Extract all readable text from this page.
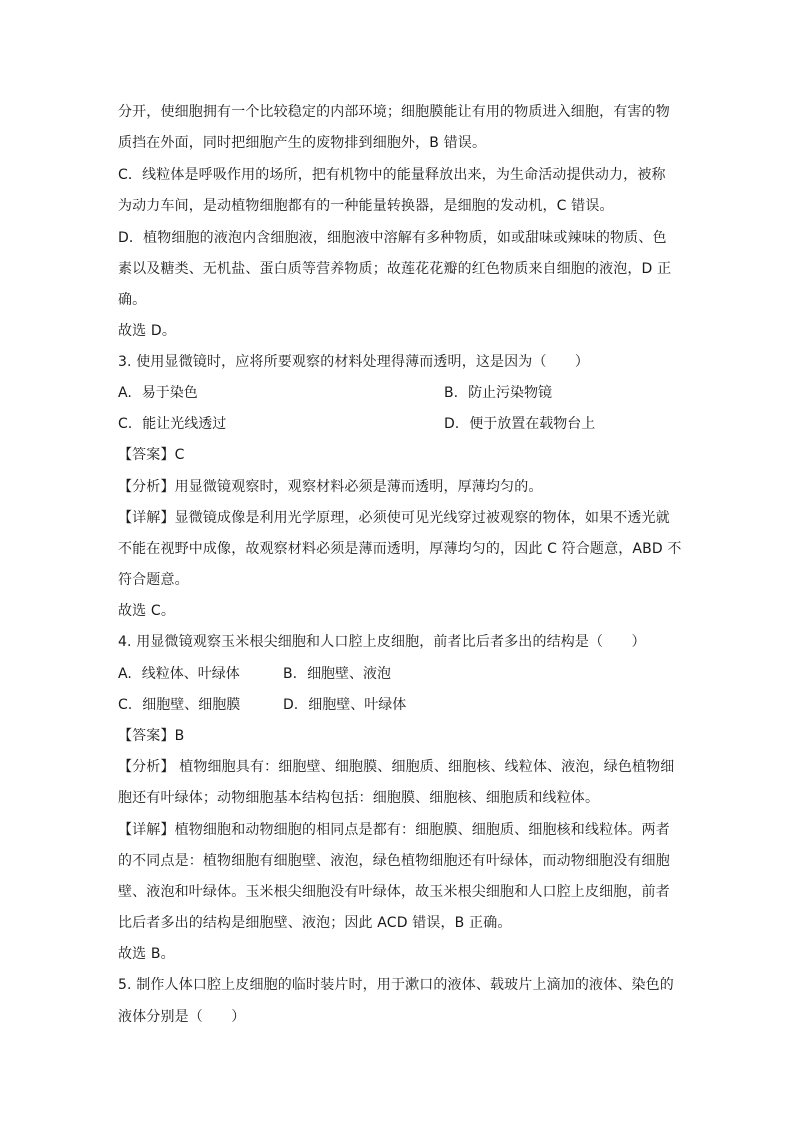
分开，使细胞拥有一个比较稳定的内部环境；细胞膜能让有用的物质进入细胞，有害的物
质挡在外面，同时把细胞产生的废物排到细胞外，B 错误。
C．线粒体是呼吸作用的场所，把有机物中的能量释放出来，为生命活动提供动力，被称
为动力车间，是动植物细胞都有的一种能量转换器，是细胞的发动机，C 错误。
D．植物细胞的液泡内含细胞液，细胞液中溶解有多种物质，如或甜味或辣味的物质、色
素以及糖类、无机盐、蛋白质等营养物质；故莲花花瓣的红色物质来自细胞的液泡，D 正
确。
故选 D。
3. 使用显微镜时，应将所要观察的材料处理得薄而透明，这是因为（　　）
A. 易于染色	B. 防止污染物镜
C. 能让光线透过	D. 便于放置在载物台上
【答案】C
【分析】用显微镜观察时，观察材料必须是薄而透明，厚薄均匀的。
【详解】显微镜成像是利用光学原理，必须使可见光线穿过被观察的物体，如果不透光就
不能在视野中成像，故观察材料必须是薄而透明，厚薄均匀的，因此 C 符合题意，ABD 不
符合题意。
故选 C。
4. 用显微镜观察玉米根尖细胞和人口腔上皮细胞，前者比后者多出的结构是（　　）
A. 线粒体、叶绿体	B. 细胞壁、液泡
C. 细胞壁、细胞膜	D. 细胞壁、叶绿体
【答案】B
【分析】 植物细胞具有：细胞壁、细胞膜、细胞质、细胞核、线粒体、液泡，绿色植物细
胞还有叶绿体；动物细胞基本结构包括：细胞膜、细胞核、细胞质和线粒体。
【详解】植物细胞和动物细胞的相同点是都有：细胞膜、细胞质、细胞核和线粒体。两者
的不同点是：植物细胞有细胞壁、液泡，绿色植物细胞还有叶绿体，而动物细胞没有细胞
壁、液泡和叶绿体。玉米根尖细胞没有叶绿体，故玉米根尖细胞和人口腔上皮细胞，前者
比后者多出的结构是细胞壁、液泡；因此 ACD 错误，B 正确。
故选 B。
5. 制作人体口腔上皮细胞的临时装片时，用于漱口的液体、载玻片上滴加的液体、染色的
液体分别是（　　）
